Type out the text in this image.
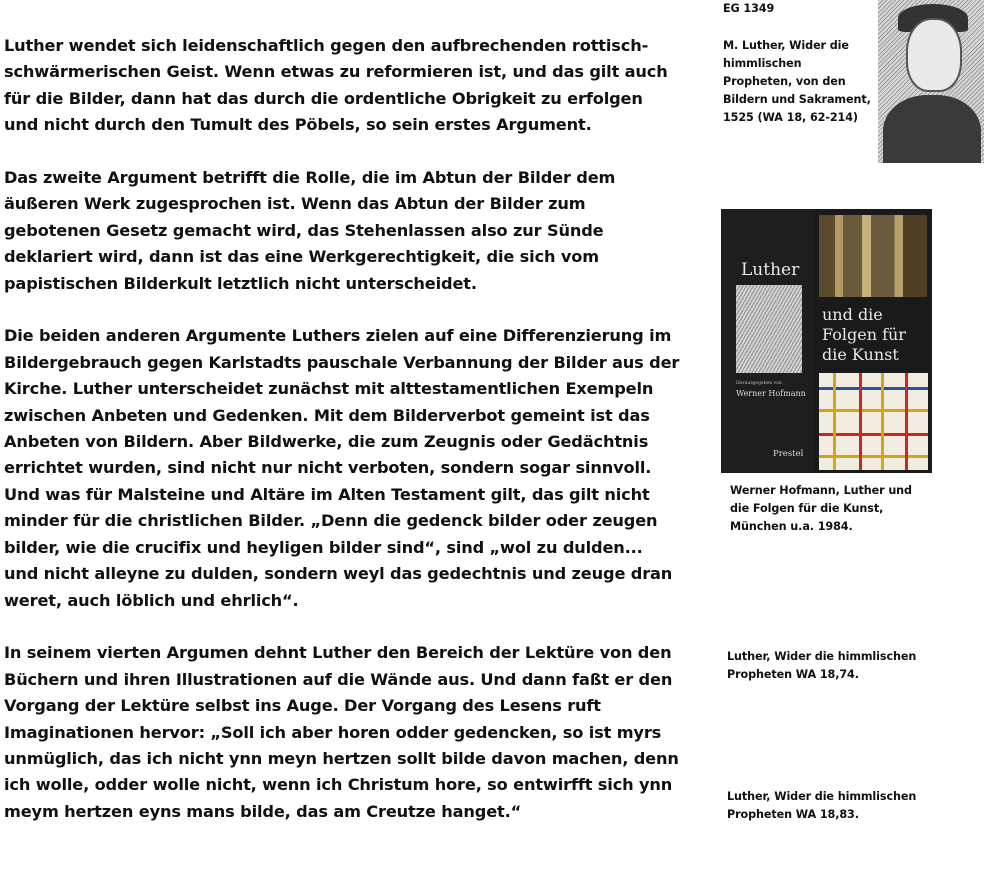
Luther wendet sich leidenschaftlich gegen den aufbrechenden rottisch-schwärmerischen Geist. Wenn etwas zu reformieren ist, und das gilt auch für die Bilder, dann hat das durch die ordentliche Obrigkeit zu erfolgen und nicht durch den Tumult des Pöbels, so sein erstes Argument.

Das zweite Argument betrifft die Rolle, die im Abtun der Bilder dem äußeren Werk zugesprochen ist. Wenn das Abtun der Bilder zum gebotenen Gesetz gemacht wird, das Stehenlassen also zur Sünde deklariert wird, dann ist das eine Werkgerechtigkeit, die sich vom papistischen Bilderkult letztlich nicht unterscheidet.

Die beiden anderen Argumente Luthers zielen auf eine Differenzierung im Bildergebrauch gegen Karlstadts pauschale Verbannung der Bilder aus der Kirche. Luther unterscheidet zunächst mit alttestamentlichen Exempeln zwischen Anbeten und Gedenken. Mit dem Bilderverbot gemeint ist das Anbeten von Bildern. Aber Bildwerke, die zum Zeugnis oder Gedächtnis errichtet wurden, sind nicht nur nicht verboten, sondern sogar sinnvoll. Und was für Malsteine und Altäre im Alten Testament gilt, das gilt nicht minder für die christlichen Bilder. „Denn die gedenck bilder oder zeugen bilder, wie die crucifix und heyligen bilder sind“, sind „wol zu dulden... und nicht alleyne zu dulden, sondern weyl das gedechtnis und zeuge dran weret, auch löblich und ehrlich“.

In seinem vierten Argumen dehnt Luther den Bereich der Lektüre von den Büchern und ihren Illustrationen auf die Wände aus. Und dann faßt er den Vorgang der Lektüre selbst ins Auge. Der Vorgang des Lesens ruft Imaginationen hervor: „Soll ich aber horen odder gedencken, so ist myrs unmüglich, das ich nicht ynn meyn hertzen sollt bilde davon machen, denn ich wolle, odder wolle nicht, wenn ich Christum hore, so entwirfft sich ynn meym hertzen eyns mans bilde, das am Creutze hanget.“

EG 1349
M. Luther, Wider die himmlischen Propheten, von den Bildern und Sakrament, 1525 (WA 18, 62-214)
Luther
Herausgegeben von
Werner Hofmann
Prestel
und die Folgen für die Kunst
Werner Hofmann, Luther und die Folgen für die Kunst, München u.a. 1984.
Luther, Wider die himmlischen Propheten WA 18,74.
Luther, Wider die himmlischen Propheten WA 18,83.
